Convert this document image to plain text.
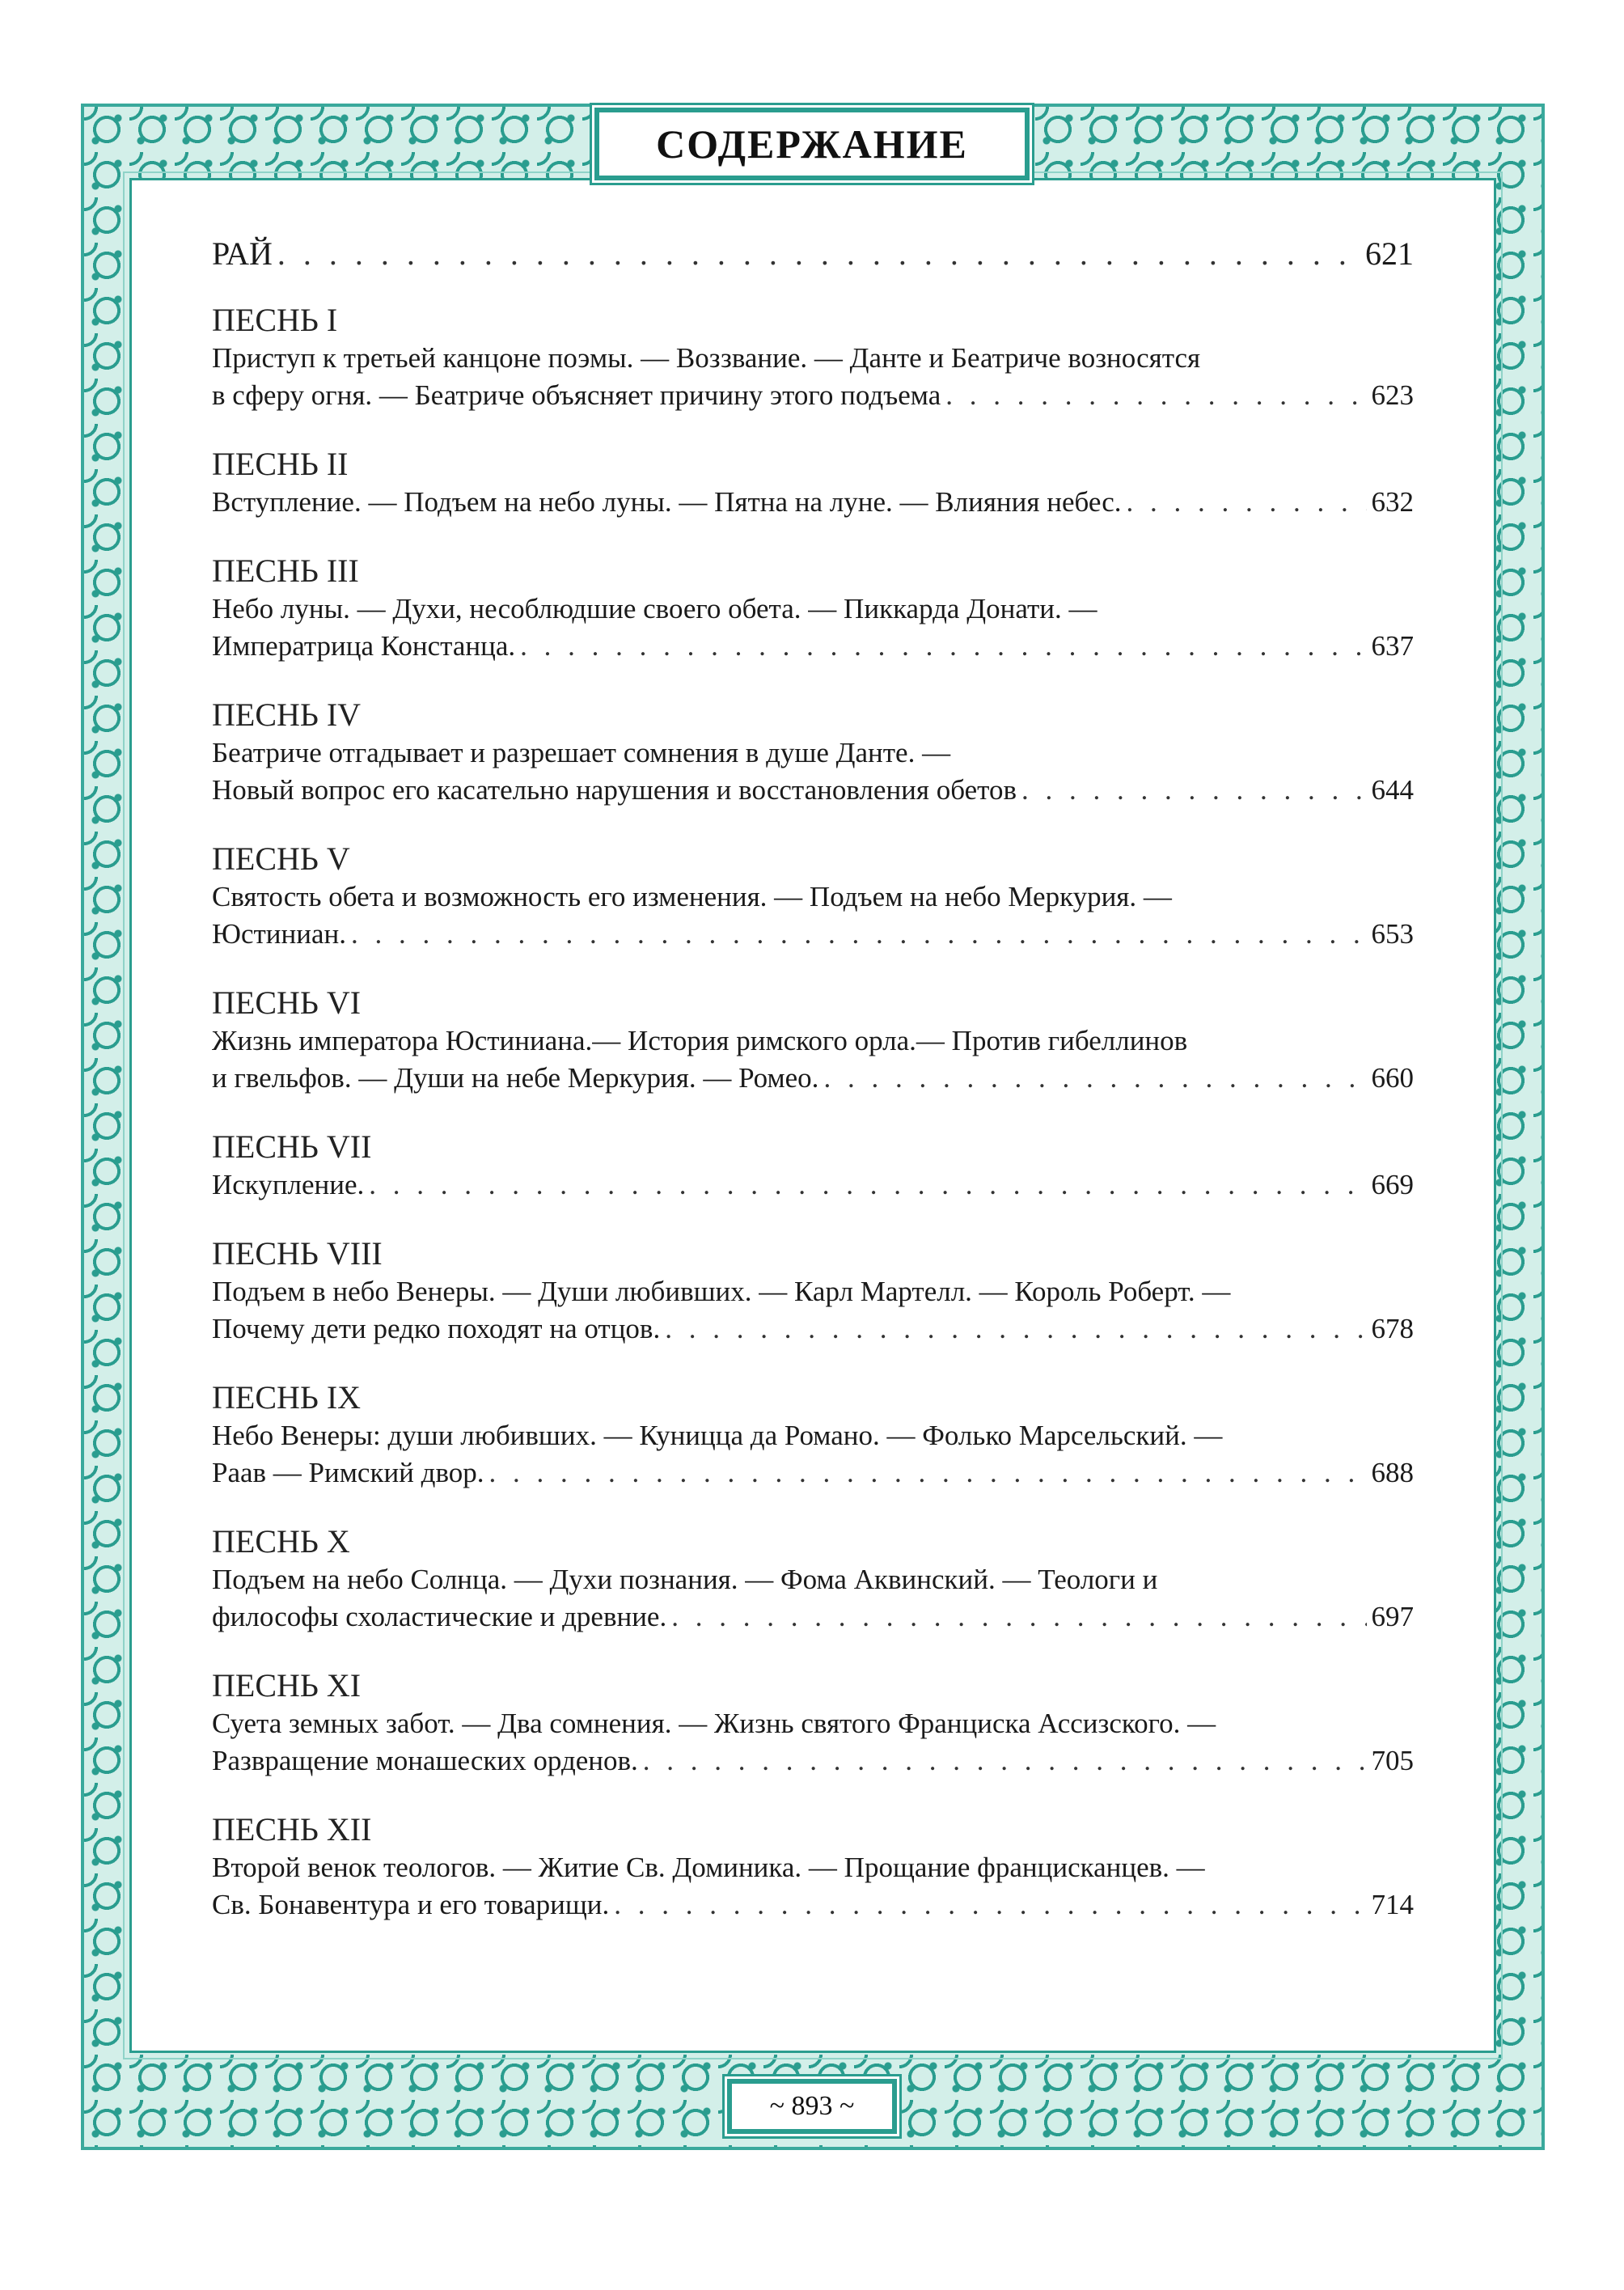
СОДЕРЖАНИЕ
РАЙ . . .	621
ПЕСНЬ I
Приступ к третьей канцоне поэмы. — Воззвание. — Данте и Беатриче возносятся
в сферу огня. — Беатриче объясняет причину этого подъема . . .	623
ПЕСНЬ II
Вступление. — Подъем на небо луны. — Пятна на луне. — Влияния небес. . . .	632
ПЕСНЬ III
Небо луны. — Духи, несоблюдшие своего обета. — Пиккарда Донати. —
Императрица Констанца. . . .	637
ПЕСНЬ IV
Беатриче отгадывает и разрешает сомнения в душе Данте. —
Новый вопрос его касательно нарушения и восстановления обетов . . .	644
ПЕСНЬ V
Святость обета и возможность его изменения. — Подъем на небо Меркурия. —
Юстиниан. . . .	653
ПЕСНЬ VI
Жизнь императора Юстиниана.— История римского орла.— Против гибеллинов
и гвельфов. — Души на небе Меркурия. — Ромео. . . .	660
ПЕСНЬ VII
Искупление. . . .	669
ПЕСНЬ VIII
Подъем в небо Венеры. — Души любивших. — Карл Мартелл. — Король Роберт. —
Почему дети редко походят на отцов. . . .	678
ПЕСНЬ IX
Небо Венеры: души любивших. — Куницца да Романо. — Фолько Марсельский. —
Раав — Римский двор. . . .	688
ПЕСНЬ X
Подъем на небо Солнца. — Духи познания. — Фома Аквинский. — Теологи и
философы схоластические и древние. . . .	697
ПЕСНЬ XI
Суета земных забот. — Два сомнения. — Жизнь святого Франциска Ассизского. —
Развращение монашеских орденов. . . .	705
ПЕСНЬ XII
Второй венок теологов. — Житие Св. Доминика. — Прощание францисканцев. —
Св. Бонавентура и его товарищи. . . .	714
~ 893 ~
